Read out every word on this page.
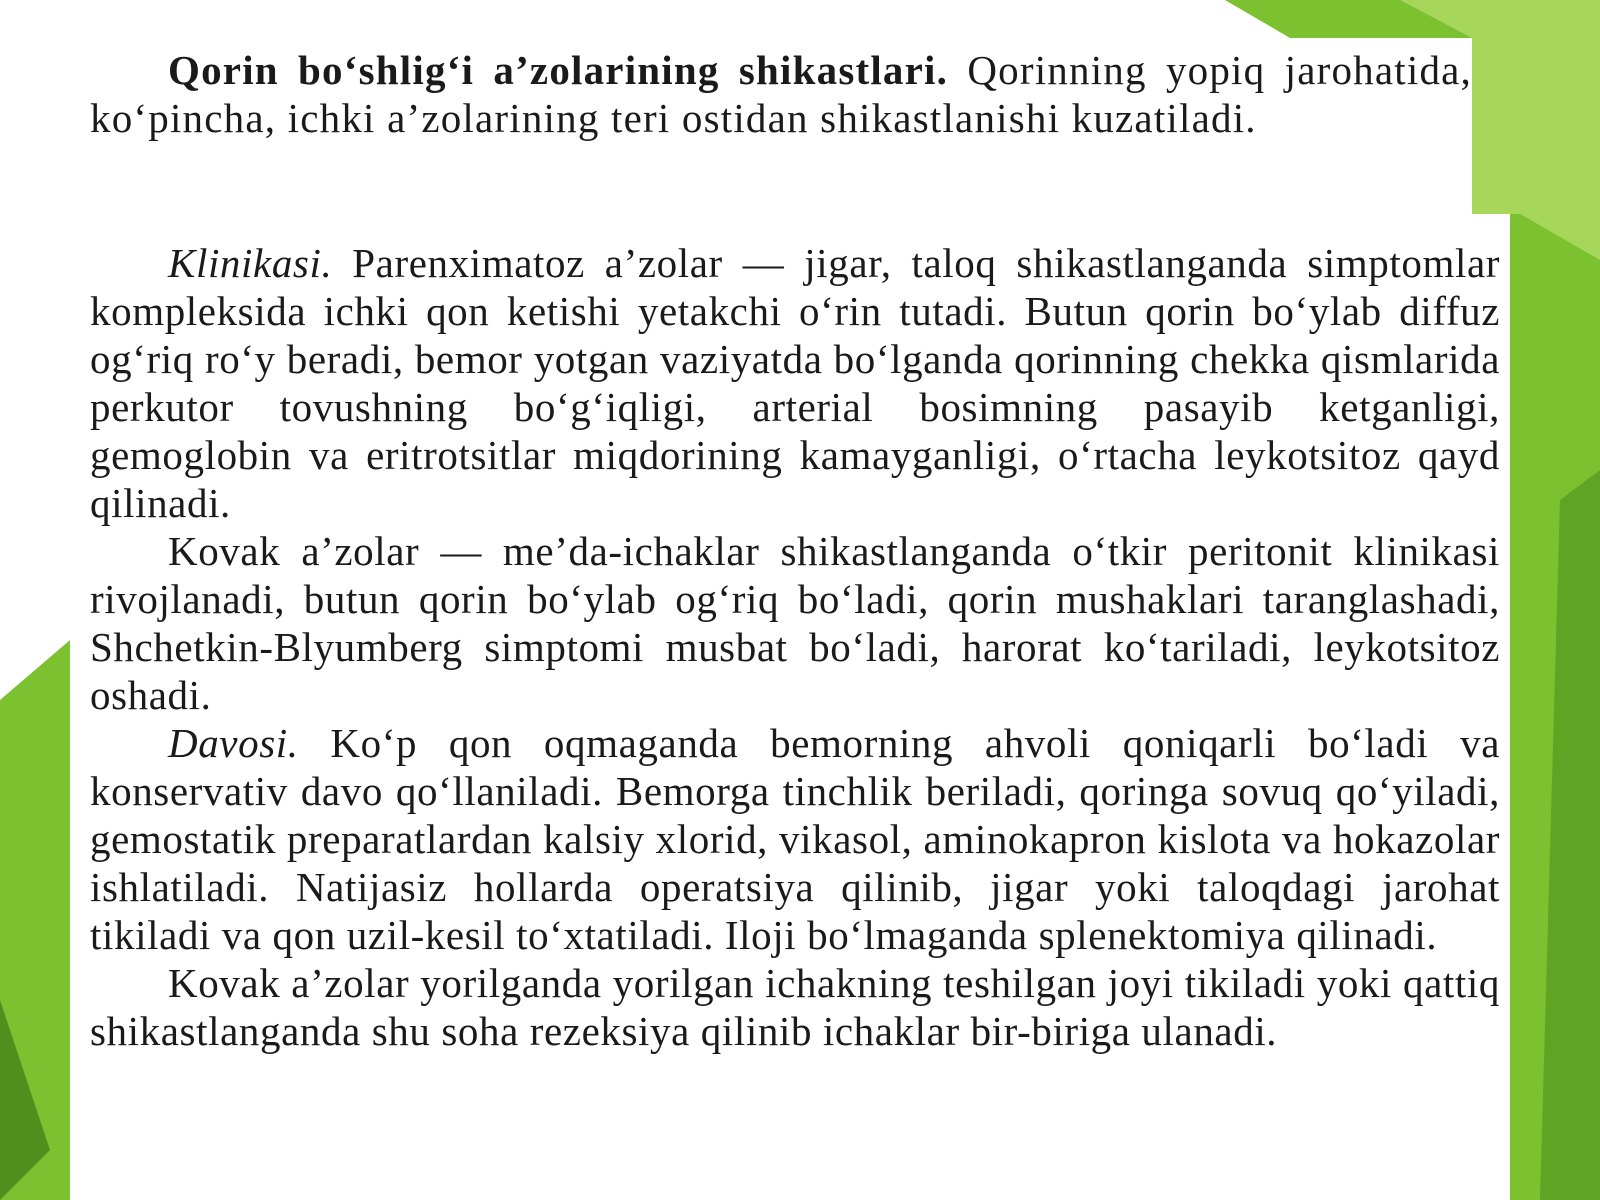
Qorin bo‘shlig‘i a’zolarining shikastlari. Qorinning yopiq jarohatida, ko‘pincha, ichki a’zolarining teri ostidan shikastlanishi kuzatiladi.

Klinikasi. Parenximatoz a’zolar — jigar, taloq shikastlanganda simptomlar kompleksida ichki qon ketishi yetakchi o‘rin tutadi. Butun qorin bo‘ylab diffuz og‘riq ro‘y beradi, bemor yotgan vaziyatda bo‘lganda qorinning chekka qismlarida perkutor tovushning bo‘g‘iqligi, arterial bosimning pasayib ketganligi, gemoglobin va eritrotsitlar miqdorining kamayganligi, o‘rtacha leykotsitoz qayd qilinadi.

Kovak a’zolar — me’da-ichaklar shikastlanganda o‘tkir peritonit klinikasi rivojlanadi, butun qorin bo‘ylab og‘riq bo‘ladi, qorin mushaklari taranglashadi, Shchetkin-Blyumberg simptomi musbat bo‘ladi, harorat ko‘tariladi, leykotsitoz oshadi.

Davosi. Ko‘p qon oqmaganda bemorning ahvoli qoniqarli bo‘ladi va konservativ davo qo‘llaniladi. Bemorga tinchlik beriladi, qoringa sovuq qo‘yiladi, gemostatik preparatlardan kalsiy xlorid, vikasol, aminokapron kislota va hokazolar ishlatiladi. Natijasiz hollarda operatsiya qilinib, jigar yoki taloqdagi jarohat tikiladi va qon uzil-kesil to‘xtatiladi. Iloji bo‘lmaganda splenektomiya qilinadi.

Kovak a’zolar yorilganda yorilgan ichakning teshilgan joyi tikiladi yoki qattiq shikastlanganda shu soha rezeksiya qilinib ichaklar bir-biriga ulanadi.
